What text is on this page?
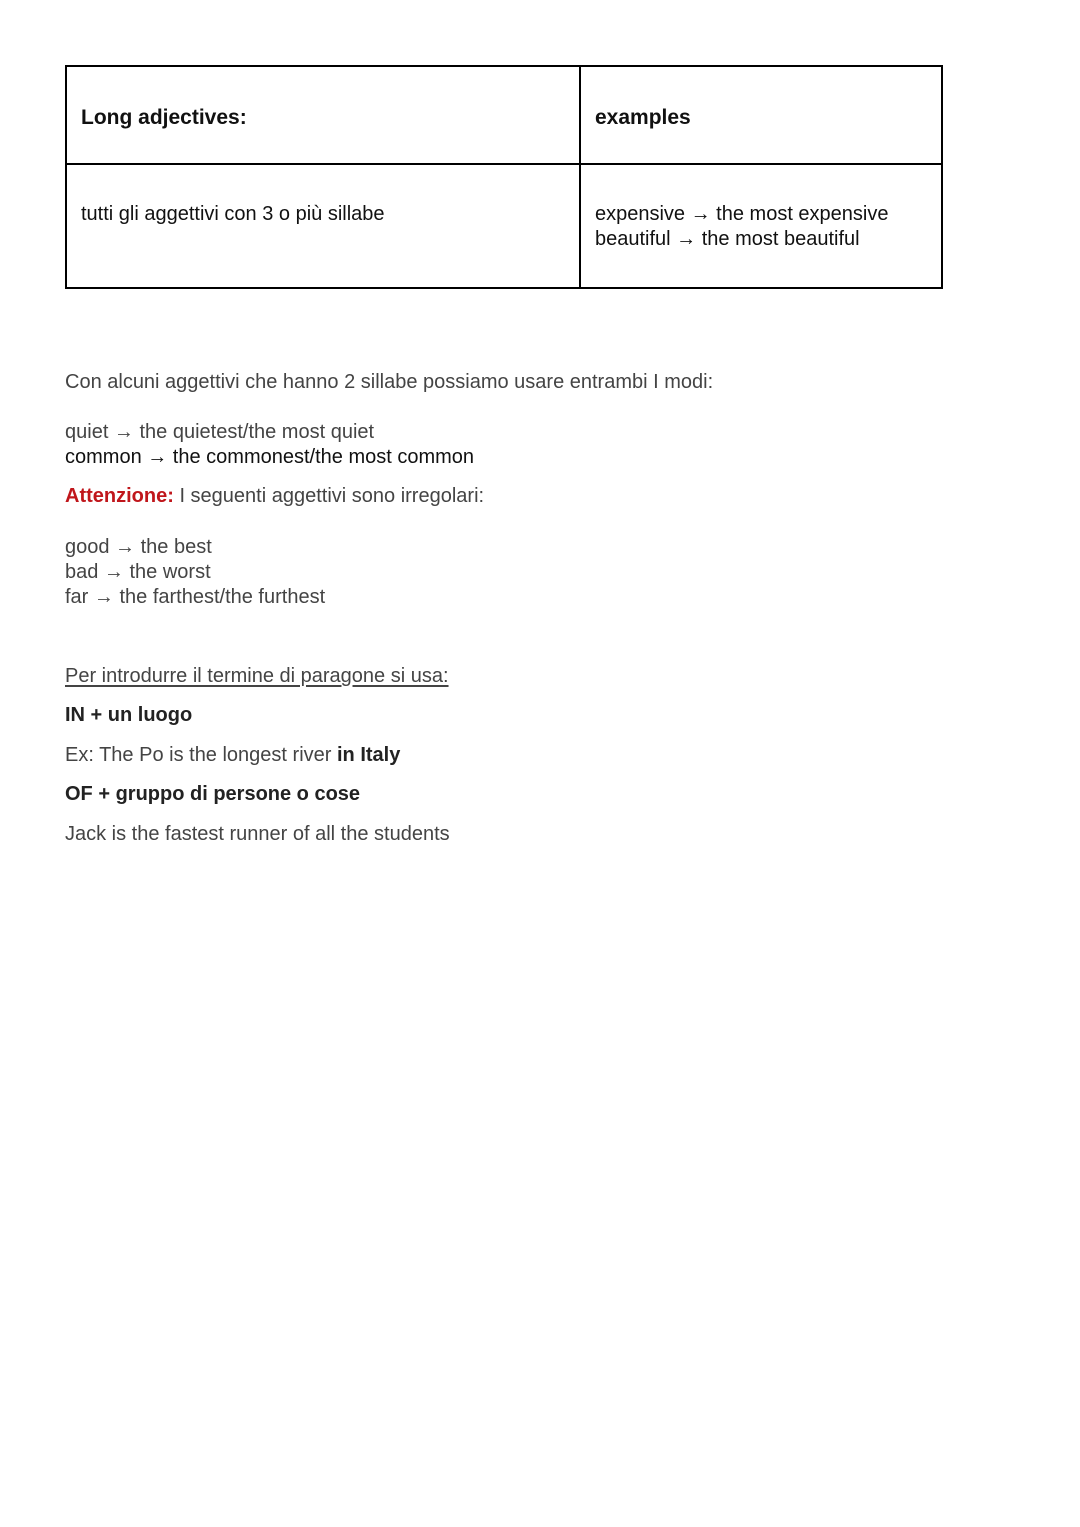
Long adjectives:	examples
tutti gli aggettivi con 3 o più sillabe	expensive → the most expensive
beautiful → the most beautiful
Con alcuni aggettivi che hanno 2 sillabe possiamo usare entrambi I modi:
quiet → the quietest/the most quiet
common → the commonest/the most common
Attenzione: I seguenti aggettivi sono irregolari:
good → the best
bad → the worst
far → the farthest/the furthest
Per introdurre il termine di paragone si usa:
IN + un luogo
Ex: The Po is the longest river in Italy
OF + gruppo di persone o cose
Jack is the fastest runner of all the students
